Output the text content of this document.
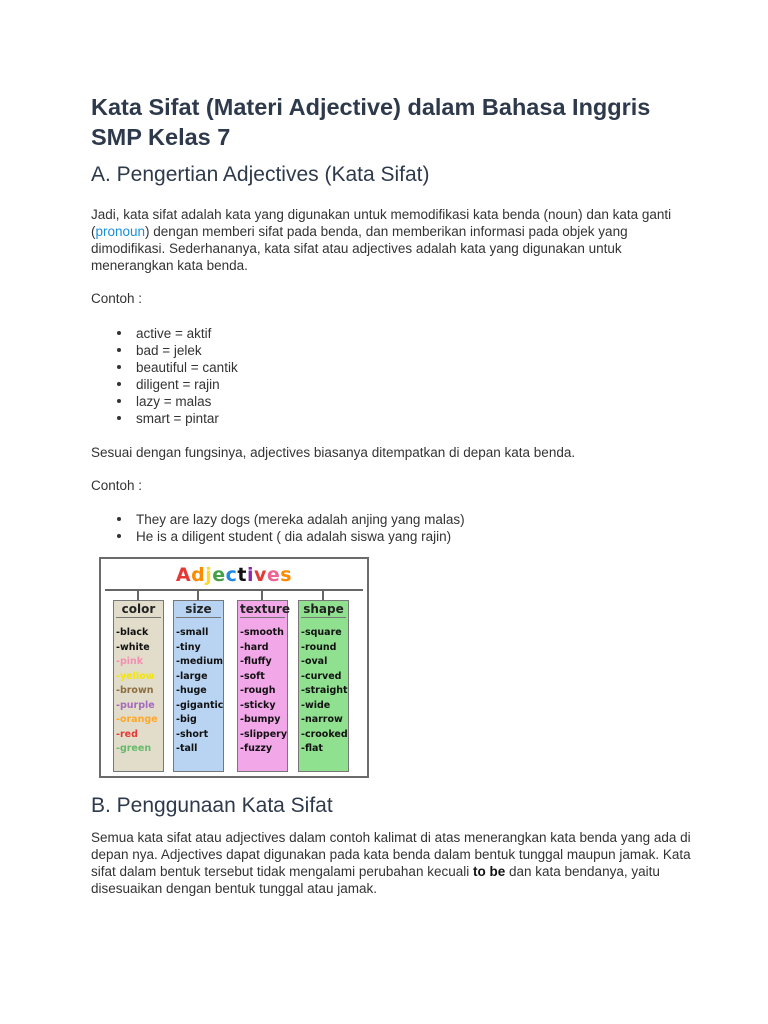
Kata Sifat (Materi Adjective) dalam Bahasa Inggris SMP Kelas 7
A. Pengertian Adjectives (Kata Sifat)

Jadi, kata sifat adalah kata yang digunakan untuk memodifikasi kata benda (noun) dan kata ganti (pronoun) dengan memberi sifat pada benda, dan memberikan informasi pada objek yang dimodifikasi. Sederhananya, kata sifat atau adjectives adalah kata yang digunakan untuk menerangkan kata benda.

Contoh :

active = aktif
bad = jelek
beautiful = cantik
diligent = rajin
lazy = malas
smart = pintar

Sesuai dengan fungsinya, adjectives biasanya ditempatkan di depan kata benda.

Contoh :

They are lazy dogs (mereka adalah anjing yang malas)
He is a diligent student ( dia adalah siswa yang rajin)
Adjectives
color
-black
-white
-pink
-yellow
-brown
-purple
-orange
-red
-green
size
-small
-tiny
-medium
-large
-huge
-gigantic
-big
-short
-tall
texture
-smooth
-hard
-fluffy
-soft
-rough
-sticky
-bumpy
-slippery
-fuzzy
shape
-square
-round
-oval
-curved
-straight
-wide
-narrow
-crooked
-flat
B. Penggunaan Kata Sifat

Semua kata sifat atau adjectives dalam contoh kalimat di atas menerangkan kata benda yang ada di depan nya. Adjectives dapat digunakan pada kata benda dalam bentuk tunggal maupun jamak. Kata sifat dalam bentuk tersebut tidak mengalami perubahan kecuali to be dan kata bendanya, yaitu disesuaikan dengan bentuk tunggal atau jamak.
